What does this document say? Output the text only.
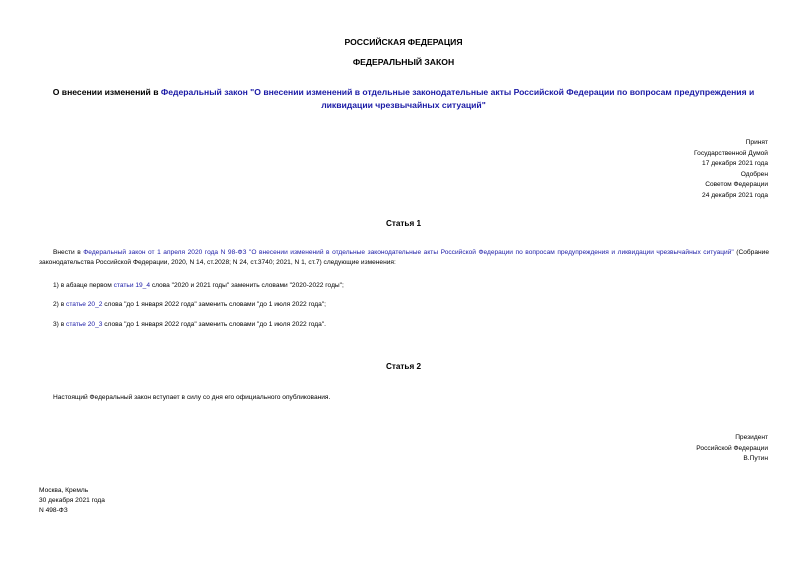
РОССИЙСКАЯ ФЕДЕРАЦИЯ
ФЕДЕРАЛЬНЫЙ ЗАКОН
О внесении изменений в Федеральный закон "О внесении изменений в отдельные законодательные акты Российской Федерации по вопросам предупреждения и ликвидации чрезвычайных ситуаций"
Принят
Государственной Думой
17 декабря 2021 года
Одобрен
Советом Федерации
24 декабря 2021 года
Статья 1
Внести в Федеральный закон от 1 апреля 2020 года N 98-ФЗ "О внесении изменений в отдельные законодательные акты Российской Федерации по вопросам предупреждения и ликвидации чрезвычайных ситуаций" (Собрание законодательства Российской Федерации, 2020, N 14, ст.2028; N 24, ст.3740; 2021, N 1, ст.7) следующие изменения:
1) в абзаце первом статьи 19_4 слова "2020 и 2021 годы" заменить словами "2020-2022 годы";
2) в статье 20_2 слова "до 1 января 2022 года" заменить словами "до 1 июля 2022 года";
3) в статье 20_3 слова "до 1 января 2022 года" заменить словами "до 1 июля 2022 года".
Статья 2
Настоящий Федеральный закон вступает в силу со дня его официального опубликования.
Президент
Российской Федерации
В.Путин
Москва, Кремль
30 декабря 2021 года
N 498-ФЗ
